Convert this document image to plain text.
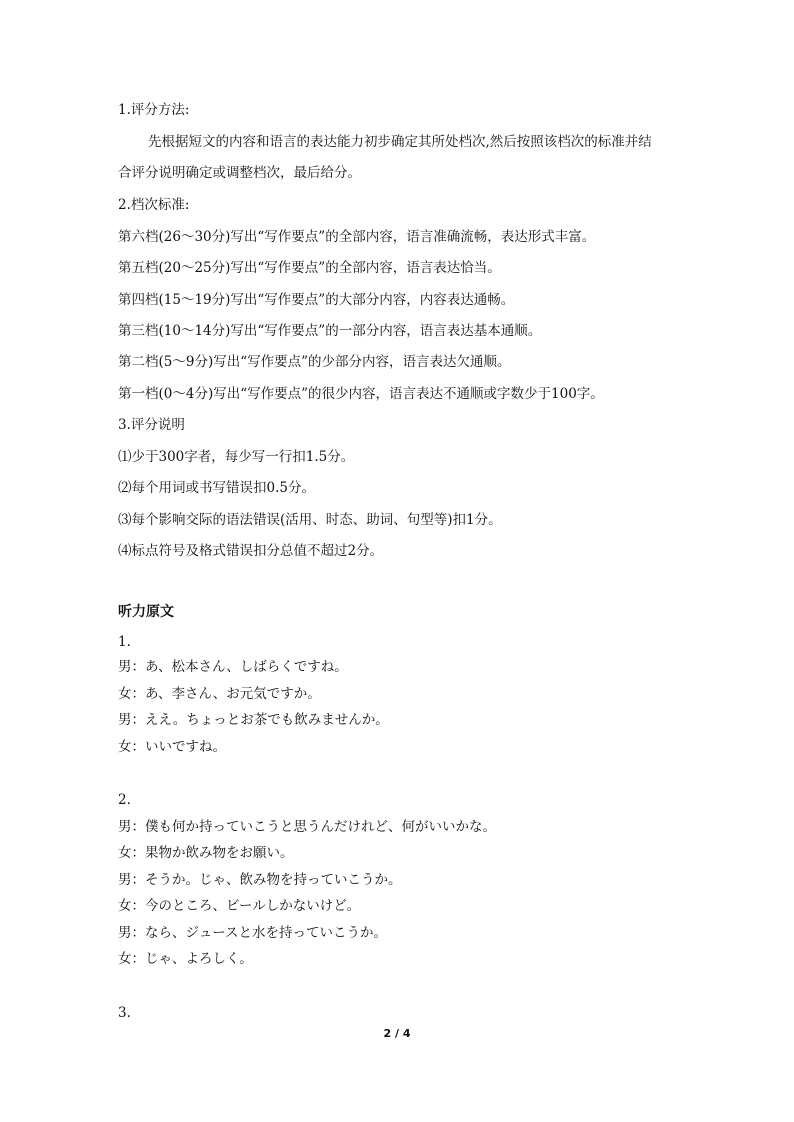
1.评分方法:
先根据短文的内容和语言的表达能力初步确定其所处档次,然后按照该档次的标准并结
合评分说明确定或调整档次，最后给分。
2.档次标准:
第六档(26～30分)写出“写作要点”的全部内容，语言准确流畅，表达形式丰富。
第五档(20～25分)写出“写作要点”的全部内容，语言表达恰当。
第四档(15～19分)写出“写作要点”的大部分内容，内容表达通畅。
第三档(10～14分)写出“写作要点”的一部分内容，语言表达基本通顺。
第二档(5～9分)写出“写作要点”的少部分内容，语言表达欠通顺。
第一档(0～4分)写出“写作要点”的很少内容，语言表达不通顺或字数少于100字。
3.评分说明
⑴少于300字者，每少写一行扣1.5分。
⑵每个用词或书写错误扣0.5分。
⑶每个影响交际的语法错误(活用、时态、助词、句型等)扣1分。
⑷标点符号及格式错误扣分总值不超过2分。
听力原文
1.
男：あ、松本さん、しばらくですね。
女：あ、李さん、お元気ですか。
男：ええ。ちょっとお茶でも飲みませんか。
女：いいですね。
2.
男：僕も何か持っていこうと思うんだけれど、何がいいかな。
女：果物か飲み物をお願い。
男：そうか。じゃ、飲み物を持っていこうか。
女：今のところ、ビールしかないけど。
男：なら、ジュースと水を持っていこうか。
女：じゃ、よろしく。
3.
2 / 4
